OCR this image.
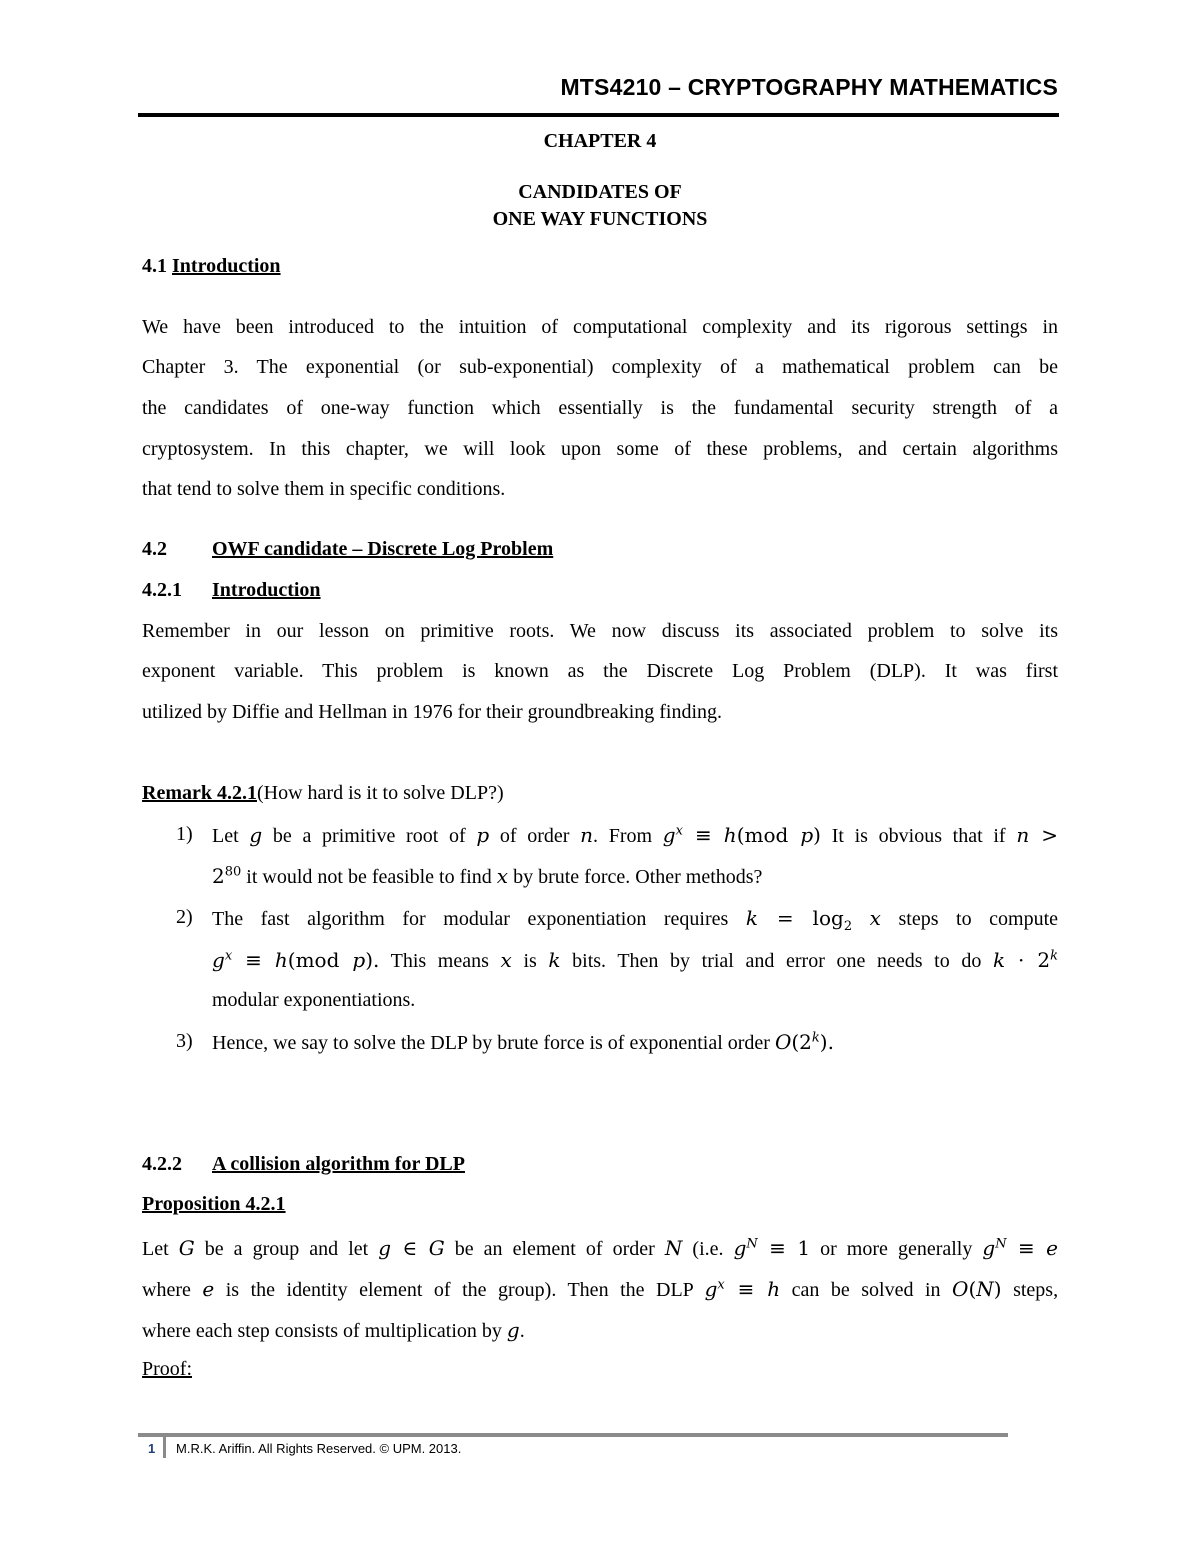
MTS4210 – CRYPTOGRAPHY MATHEMATICS
CHAPTER 4
CANDIDATES OF
ONE WAY FUNCTIONS
4.1 Introduction
We have been introduced to the intuition of computational complexity and its rigorous settings in
Chapter 3. The exponential (or sub-exponential) complexity of a mathematical problem can be
the candidates of one-way function which essentially is the fundamental security strength of a
cryptosystem. In this chapter, we will look upon some of these problems, and certain algorithms
that tend to solve them in specific conditions.
4.2 OWF candidate – Discrete Log Problem
4.2.1 Introduction
Remember in our lesson on primitive roots. We now discuss its associated problem to solve its
exponent variable. This problem is known as the Discrete Log Problem (DLP). It was first
utilized by Diffie and Hellman in 1976 for their groundbreaking finding.
Remark 4.2.1(How hard is it to solve DLP?)
1) Let g be a primitive root of p of order n. From $g^x \equiv h(mod$ p) It is obvious that if n >
$2^{80}$ it would not be feasible to find x by brute force. Other methods?
2) The fast algorithm for modular exponentiation requires $k = \log_2 x$ steps to compute
$g^x \equiv h(mod$ p). This means x is k bits. Then by trial and error one needs to do $k \cdot 2^k$
modular exponentiations.
3) Hence, we say to solve the DLP by brute force is of exponential order O(2$^k$).
4.2.2 A collision algorithm for DLP
Proposition 4.2.1
Let G be a group and let g ∈ G be an element of order N (i.e. $g^N \equiv 1$ or more generally $g^N \equiv e$
where e is the identity element of the group). Then the DLP $g^x \equiv h$ can be solved in O(N) steps,
where each step consists of multiplication by g.
Proof:
1 M.R.K. Ariffin. All Rights Reserved. © UPM. 2013.
